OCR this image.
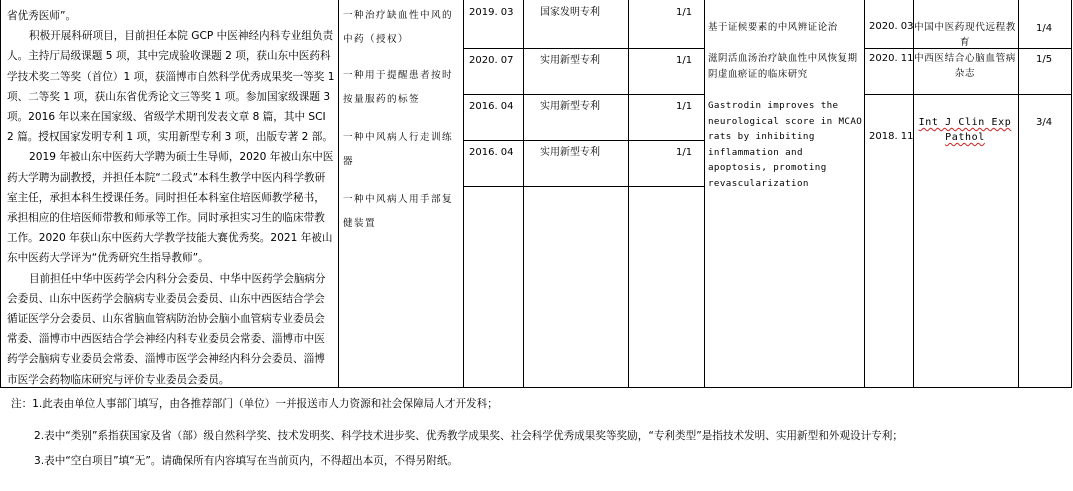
省优秀医师”。

积极开展科研项目，目前担任本院 GCP 中医神经内科专业组负责人。主持厅局级课题 5 项，其中完成验收课题 2 项，获山东中医药科学技术奖二等奖（首位）1 项，获淄博市自然科学优秀成果奖一等奖 1 项、二等奖 1 项，获山东省优秀论文三等奖 1 项。参加国家级课题 3 项。2016 年以来在国家级、省级学术期刊发表文章 8 篇，其中 SCI 2 篇。授权国家发明专利 1 项，实用新型专利 3 项，出版专著 2 部。

2019 年被山东中医药大学聘为硕士生导师，2020 年被山东中医药大学聘为副教授，并担任本院“二段式”本科生教学中医内科学教研室主任，承担本科生授课任务。同时担任本科室住培医师教学秘书，承担相应的住培医师带教和师承等工作。同时承担实习生的临床带教工作。2020 年获山东中医药大学教学技能大赛优秀奖。2021 年被山东中医药大学评为“优秀研究生指导教师”。

目前担任中华中医药学会内科分会委员、中华中医药学会脑病分会委员、山东中医药学会脑病专业委员会委员、山东中西医结合学会循证医学分会委员、山东省脑血管病防治协会脑小血管病专业委员会常委、淄博市中西医结合学会神经内科专业委员会常委、淄博市中医药学会脑病专业委员会常委、淄博市医学会神经内科分会委员、淄博市医学会药物临床研究与评价专业委员会委员。

一种治疗缺血性中风的中药（授权）
一种用于提醒患者按时按量服药的标签
一种中风病人行走训练器
一种中风病人用手部复健装置
2019. 03
2020. 07
2016. 04
2016. 04
国家发明专利
实用新型专利
实用新型专利
实用新型专利
1/1
1/1
1/1
1/1
基于证候要素的中风辨证论治
滋阴活血汤治疗缺血性中风恢复期阴虚血瘀证的临床研究
Gastrodin improves the neurological score in MCAO rats by inhibiting inflammation and apoptosis, promoting revascularization
2020. 03
2020. 11
2018. 11
中国中医药现代远程教育
中西医结合心脑血管病杂志
Int J Clin Exp Pathol
1/4
1/5
3/4
注：1.此表由单位人事部门填写，由各推荐部门（单位）一并报送市人力资源和社会保障局人才开发科；
2.表中“类别”系指获国家及省（部）级自然科学奖、技术发明奖、科学技术进步奖、优秀教学成果奖、社会科学优秀成果奖等奖励，“专利类型”是指技术发明、实用新型和外观设计专利；
3.表中“空白项目”填“无”。请确保所有内容填写在当前页内，不得超出本页，不得另附纸。
